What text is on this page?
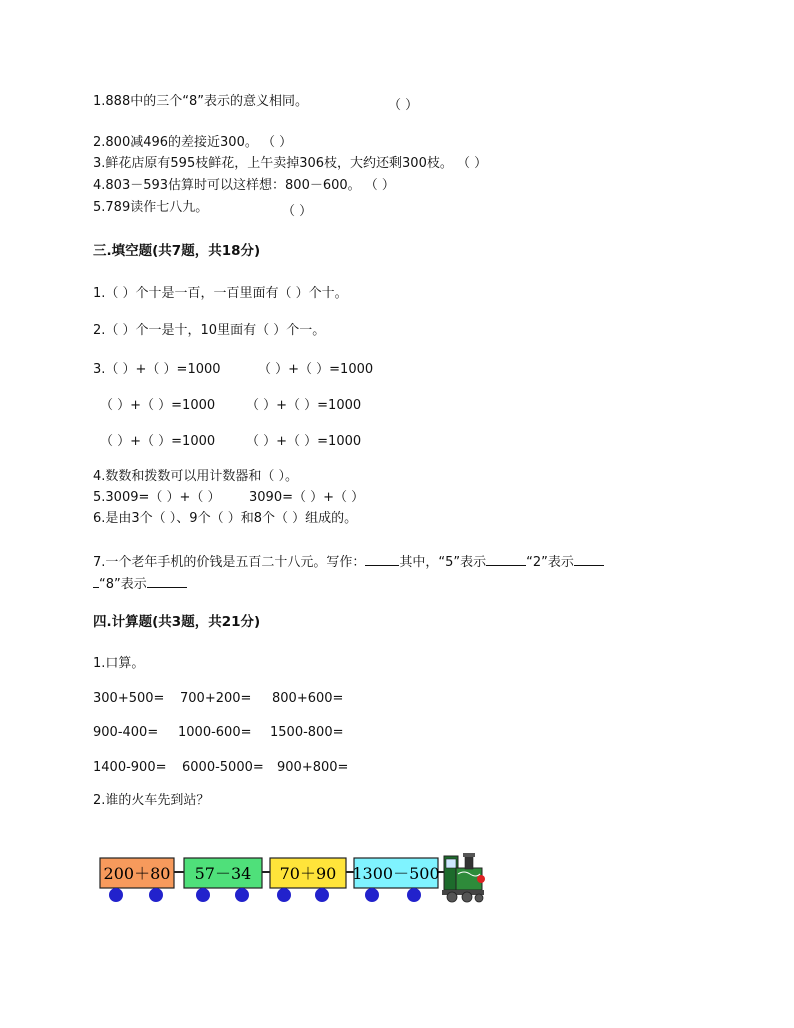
1.888中的三个“8”表示的意义相同。	（ ）
2.800减496的差接近300。 （ ）
3.鲜花店原有595枝鲜花，上午卖掉306枝，大约还剩300枝。 （ ）
4.803－593估算时可以这样想：800－600。 （ ）
5.789读作七八九。	（ ）
三.填空题(共7题，共18分)
1.（ ）个十是一百，一百里面有（ ）个十。
2.（ ）个一是十，10里面有（ ）个一。
3.（ ）+（ ）=1000	（ ）+（ ）=1000
（ ）+（ ）=1000 （ ）+（ ）=1000
（ ）+（ ）=1000 （ ）+（ ）=1000
4.数数和拨数可以用计数器和（ ）。
5.3009=（ ）+（ ） 3090=（ ）+（ ）
6.是由3个（ ）、9个（ ）和8个（ ）组成的。
7.一个老年手机的价钱是五百二十八元。写作：	其中，“5”表示	“2”表示
“8”表示
四.计算题(共3题，共21分)
1.口算。
300+500= 700+200= 800+600=
900-400= 1000-600= 1500-800=
1400-900= 6000-5000= 900+800=
2.谁的火车先到站？
200＋80 57－34 70＋90 1300－500
